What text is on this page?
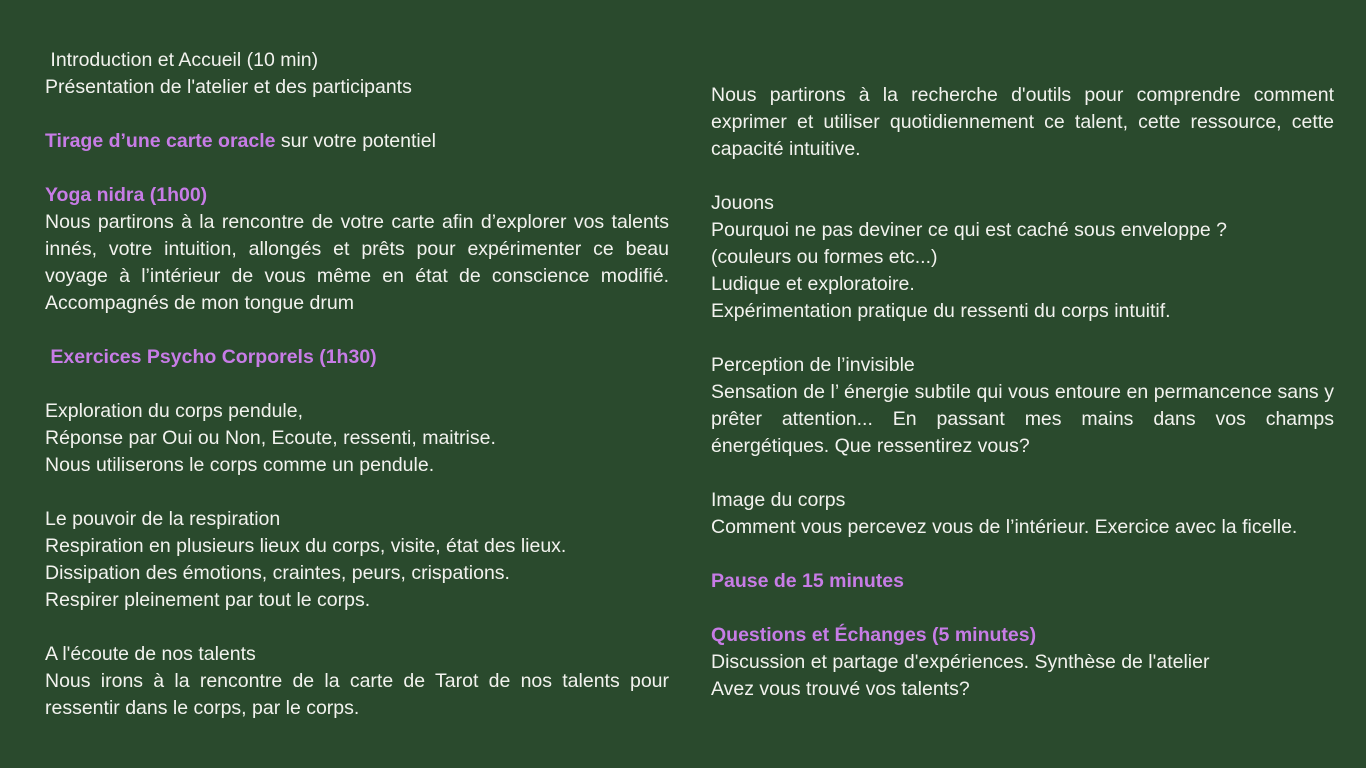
Introduction et Accueil (10 min)
Présentation de l'atelier et des participants
Tirage d’une carte oracle sur votre potentiel
Yoga nidra (1h00)
Nous partirons à la rencontre de votre carte afin d’explorer vos talents innés, votre intuition, allongés et prêts pour expérimenter ce beau voyage à l’intérieur de vous même en état de conscience modifié. Accompagnés de mon tongue drum
Exercices Psycho Corporels (1h30)
Exploration du corps pendule,
Réponse par Oui ou Non, Ecoute, ressenti, maitrise.
Nous utiliserons le corps comme un pendule.
Le pouvoir de la respiration
Respiration en plusieurs lieux du corps, visite, état des lieux.
Dissipation des émotions, craintes, peurs, crispations.
Respirer pleinement par tout le corps.
A l'écoute de nos talents
Nous irons à la rencontre de la carte de Tarot de nos talents pour ressentir dans le corps, par le corps.
Nous partirons à la recherche d'outils pour comprendre comment exprimer et utiliser quotidiennement ce talent, cette ressource, cette capacité intuitive.
Jouons
Pourquoi ne pas deviner ce qui est caché sous enveloppe ?
(couleurs ou formes etc...)
Ludique et exploratoire.
Expérimentation pratique du ressenti du corps intuitif.
Perception de l’invisible
Sensation de l’ énergie subtile qui vous entoure en permancence sans y prêter attention... En passant mes mains dans vos champs énergétiques. Que ressentirez vous?
Image du corps
Comment vous percevez vous de l’intérieur. Exercice avec la ficelle.
Pause de 15 minutes
Questions et Échanges (5 minutes)
Discussion et partage d'expériences. Synthèse de l'atelier
Avez vous trouvé vos talents?
